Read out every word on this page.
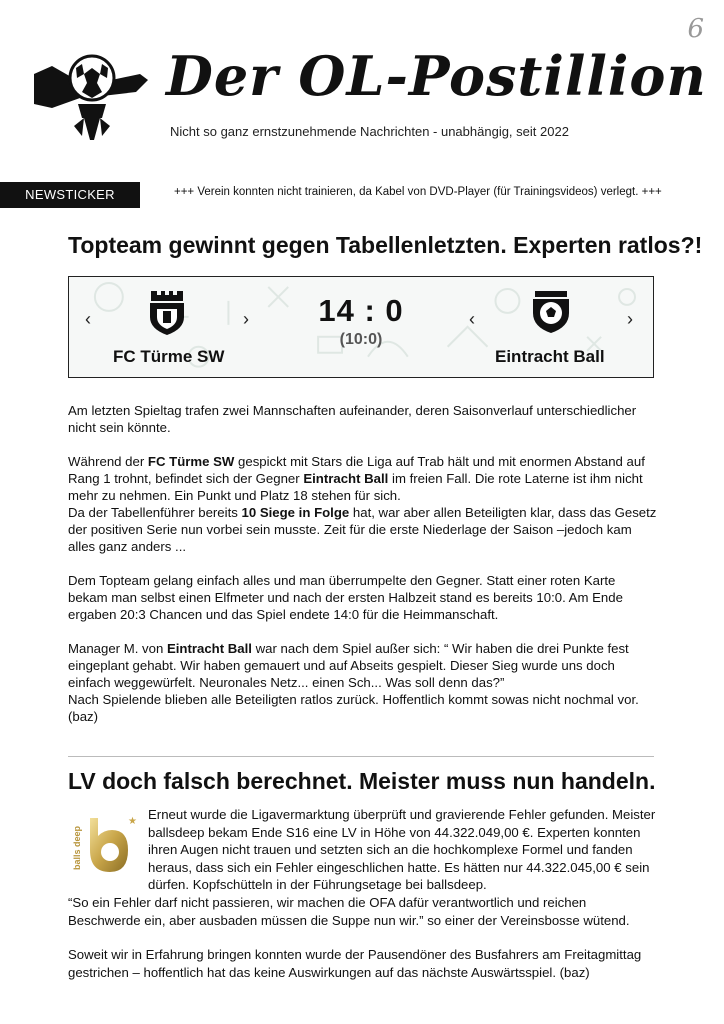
6
Der OL-Postillion
Nicht so ganz ernstzunehmende Nachrichten - unabhängig, seit 2022
NEWSTICKER	+++ Verein konnten nicht trainieren, da Kabel von DVD-Player (für Trainingsvideos) verlegt. +++
Topteam gewinnt gegen Tabellenletzten. Experten ratlos?!
‹	›
FC Türme SW
14 : 0
(10:0)
‹	›
Eintracht Ball

Am letzten Spieltag trafen zwei Mannschaften aufeinander, deren Saisonverlauf unterschiedlicher nicht sein könnte.

Während der FC Türme SW gespickt mit Stars die Liga auf Trab hält und mit enormen Abstand auf Rang 1 trohnt, befindet sich der Gegner Eintracht Ball im freien Fall. Die rote Laterne ist ihm nicht mehr zu nehmen. Ein Punkt und Platz 18 stehen für sich.

Da der Tabellenführer bereits 10 Siege in Folge hat, war aber allen Beteiligten klar, dass das Gesetz der positiven Serie nun vorbei sein musste. Zeit für die erste Niederlage der Saison –jedoch kam alles ganz anders ...

Dem Topteam gelang einfach alles und man überrumpelte den Gegner. Statt einer roten Karte bekam man selbst einen Elfmeter und nach der ersten Halbzeit stand es bereits 10:0. Am Ende ergaben 20:3 Chancen und das Spiel endete 14:0 für die Heimmanschaft.

Manager M. von Eintracht Ball war nach dem Spiel außer sich: “ Wir haben die drei Punkte fest eingeplant gehabt. Wir haben gemauert und auf Abseits gespielt. Dieser Sieg wurde uns doch einfach weggewürfelt. Neuronales Netz... einen Sch... Was soll denn das?”

Nach Spielende blieben alle Beteiligten ratlos zurück. Hoffentlich kommt sowas nicht nochmal vor. (baz)

LV doch falsch berechnet. Meister muss nun handeln.
balls deep
★ Erneut wurde die Ligavermarktung überprüft und gravierende Fehler gefunden. Meister ballsdeep bekam Ende S16 eine LV in Höhe von 44.322.049,00 €. Experten konnten ihren Augen nicht trauen und setzten sich an die hochkomplexe Formel und fanden heraus, dass sich ein Fehler eingeschlichen hatte. Es hätten nur 44.322.045,00 € sein dürfen. Kopfschütteln in der Führungsetage bei ballsdeep.

“So ein Fehler darf nicht passieren, wir machen die OFA dafür verantwortlich und reichen Beschwerde ein, aber ausbaden müssen die Suppe nun wir.” so einer der Vereinsbosse wütend.

Soweit wir in Erfahrung bringen konnten wurde der Pausendöner des Busfahrers am Freitagmittag gestrichen – hoffentlich hat das keine Auswirkungen auf das nächste Auswärtsspiel. (baz)
